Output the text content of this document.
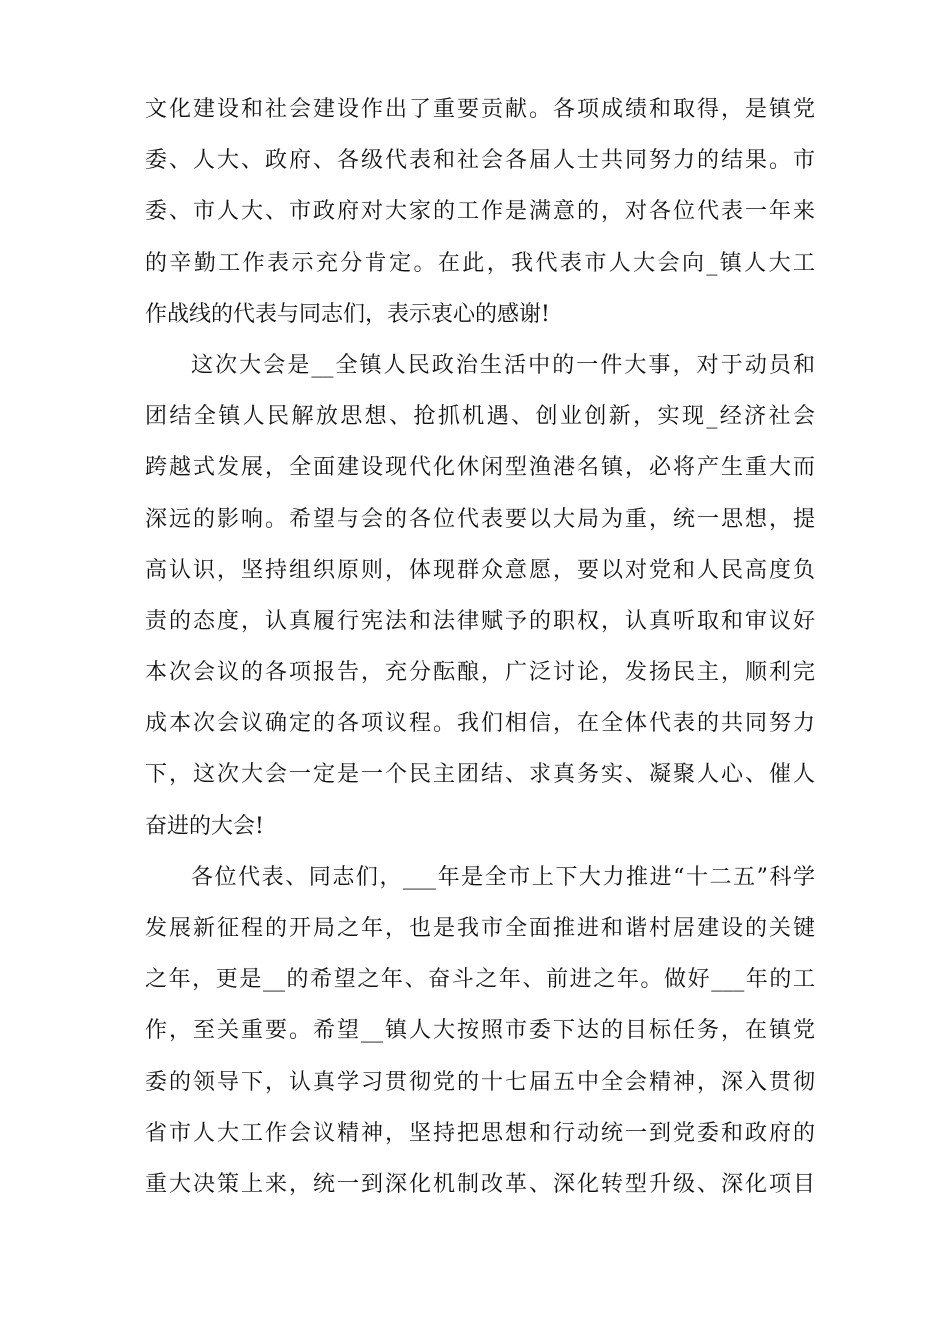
文化建设和社会建设作出了重要贡献。各项成绩和取得，是镇党
委、人大、政府、各级代表和社会各届人士共同努力的结果。市
委、市人大、市政府对大家的工作是满意的，对各位代表一年来
的辛勤工作表示充分肯定。在此，我代表市人大会向_镇人大工
作战线的代表与同志们，表示衷心的感谢!
这次大会是__全镇人民政治生活中的一件大事，对于动员和
团结全镇人民解放思想、抢抓机遇、创业创新，实现_经济社会
跨越式发展，全面建设现代化休闲型渔港名镇，必将产生重大而
深远的影响。希望与会的各位代表要以大局为重，统一思想，提
高认识，坚持组织原则，体现群众意愿，要以对党和人民高度负
责的态度，认真履行宪法和法律赋予的职权，认真听取和审议好
本次会议的各项报告，充分酝酿，广泛讨论，发扬民主，顺利完
成本次会议确定的各项议程。我们相信，在全体代表的共同努力
下，这次大会一定是一个民主团结、求真务实、凝聚人心、催人
奋进的大会!
各位代表、同志们，___年是全市上下大力推进“十二五”科学
发展新征程的开局之年，也是我市全面推进和谐村居建设的关键
之年，更是__的希望之年、奋斗之年、前进之年。做好___年的工
作，至关重要。希望__镇人大按照市委下达的目标任务，在镇党
委的领导下，认真学习贯彻党的十七届五中全会精神，深入贯彻
省市人大工作会议精神，坚持把思想和行动统一到党委和政府的
重大决策上来，统一到深化机制改革、深化转型升级、深化项目
